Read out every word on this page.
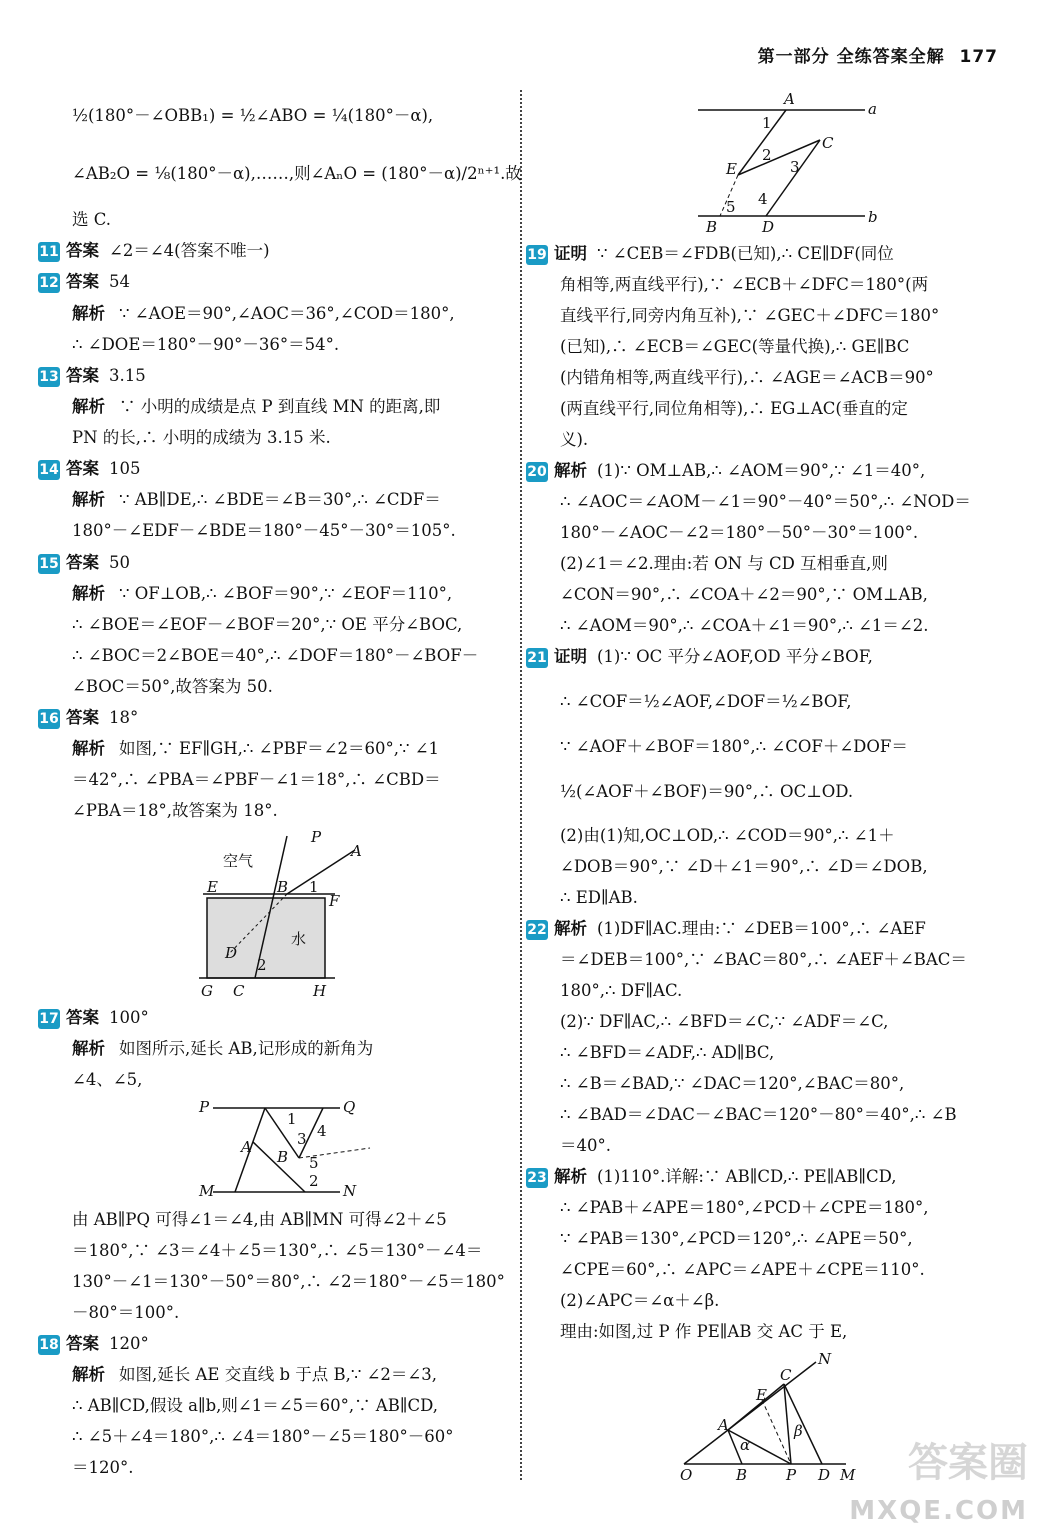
第一部分 全练答案全解 177
½(180°－∠OBB₁) = ½∠ABO = ¼(180°－α),
∠AB₂O = ⅛(180°－α),……,则∠AₙO = (180°－α)/2ⁿ⁺¹.故
选 C.
11 答案 ∠2＝∠4(答案不唯一)
12 答案 54
解析 ∵ ∠AOE＝90°,∠AOC＝36°,∠COD＝180°,
∴ ∠DOE＝180°－90°－36°＝54°.
13 答案 3.15
解析 ∵ 小明的成绩是点 P 到直线 MN 的距离,即
PN 的长,∴ 小明的成绩为 3.15 米.
14 答案 105
解析 ∵ AB∥DE,∴ ∠BDE＝∠B＝30°,∴ ∠CDF＝
180°－∠EDF－∠BDE＝180°－45°－30°＝105°.
15 答案 50
解析 ∵ OF⊥OB,∴ ∠BOF＝90°,∵ ∠EOF＝110°,
∴ ∠BOE＝∠EOF－∠BOF＝20°,∵ OE 平分∠BOC,
∴ ∠BOC＝2∠BOE＝40°,∴ ∠DOF＝180°－∠BOF－
∠BOC＝50°,故答案为 50.
16 答案 18°
解析 如图,∵ EF∥GH,∴ ∠PBF＝∠2＝60°,∵ ∠1
＝42°,∴ ∠PBA＝∠PBF－∠1＝18°,∴ ∠CBD＝
∠PBA＝18°,故答案为 18°.
17 答案 100°
解析 如图所示,延长 AB,记形成的新角为
∠4、∠5,
由 AB∥PQ 可得∠1＝∠4,由 AB∥MN 可得∠2＋∠5
＝180°,∵ ∠3＝∠4＋∠5＝130°,∴ ∠5＝130°－∠4＝
130°－∠1＝130°－50°＝80°,∴ ∠2＝180°－∠5＝180°
－80°＝100°.
18 答案 120°
解析 如图,延长 AE 交直线 b 于点 B,∵ ∠2＝∠3,
∴ AB∥CD,假设 a∥b,则∠1＝∠5＝60°,∵ AB∥CD,
∴ ∠5＋∠4＝180°,∴ ∠4＝180°－∠5＝180°－60°
＝120°.
19 证明 ∵ ∠CEB＝∠FDB(已知),∴ CE∥DF(同位
角相等,两直线平行),∵ ∠ECB＋∠DFC＝180°(两
直线平行,同旁内角互补),∵ ∠GEC＋∠DFC＝180°
(已知),∴ ∠ECB＝∠GEC(等量代换),∴ GE∥BC
(内错角相等,两直线平行),∴ ∠AGE＝∠ACB＝90°
(两直线平行,同位角相等),∴ EG⊥AC(垂直的定
义).
20 解析 (1)∵ OM⊥AB,∴ ∠AOM＝90°,∵ ∠1＝40°,
∴ ∠AOC＝∠AOM－∠1＝90°－40°＝50°,∴ ∠NOD＝
180°－∠AOC－∠2＝180°－50°－30°＝100°.
(2)∠1＝∠2.理由:若 ON 与 CD 互相垂直,则
∠CON＝90°,∴ ∠COA＋∠2＝90°,∵ OM⊥AB,
∴ ∠AOM＝90°,∴ ∠COA＋∠1＝90°,∴ ∠1＝∠2.
21 证明 (1)∵ OC 平分∠AOF,OD 平分∠BOF,
∴ ∠COF＝½∠AOF,∠DOF＝½∠BOF,
∵ ∠AOF＋∠BOF＝180°,∴ ∠COF＋∠DOF＝
½(∠AOF＋∠BOF)＝90°,∴ OC⊥OD.
(2)由(1)知,OC⊥OD,∴ ∠COD＝90°,∴ ∠1＋
∠DOB＝90°,∵ ∠D＋∠1＝90°,∴ ∠D＝∠DOB,
∴ ED∥AB.
22 解析 (1)DF∥AC.理由:∵ ∠DEB＝100°,∴ ∠AEF
＝∠DEB＝100°,∵ ∠BAC＝80°,∴ ∠AEF＋∠BAC＝
180°,∴ DF∥AC.
(2)∵ DF∥AC,∴ ∠BFD＝∠C,∵ ∠ADF＝∠C,
∴ ∠BFD＝∠ADF,∴ AD∥BC,
∴ ∠B＝∠BAD,∵ ∠DAC＝120°,∠BAC＝80°,
∴ ∠BAD＝∠DAC－∠BAC＝120°－80°＝40°,∴ ∠B
＝40°.
23 解析 (1)110°.详解:∵ AB∥CD,∴ PE∥AB∥CD,
∴ ∠PAB＋∠APE＝180°,∠PCD＋∠CPE＝180°,
∵ ∠PAB＝130°,∠PCD＝120°,∴ ∠APE＝50°,
∠CPE＝60°,∴ ∠APC＝∠APE＋∠CPE＝110°.
(2)∠APC＝∠α＋∠β.
理由:如图,过 P 作 PE∥AB 交 AC 于 E,
空气
P
A
E	B 1
F
D
2
水
G C	H
P	Q
M	N
A
B
1
3 4
5
2
A
a
b
1
2
3
4
5
E
C
B	D
N
C
E
A
α
β
O	B	P D M 答案圈
MXQE.COM
